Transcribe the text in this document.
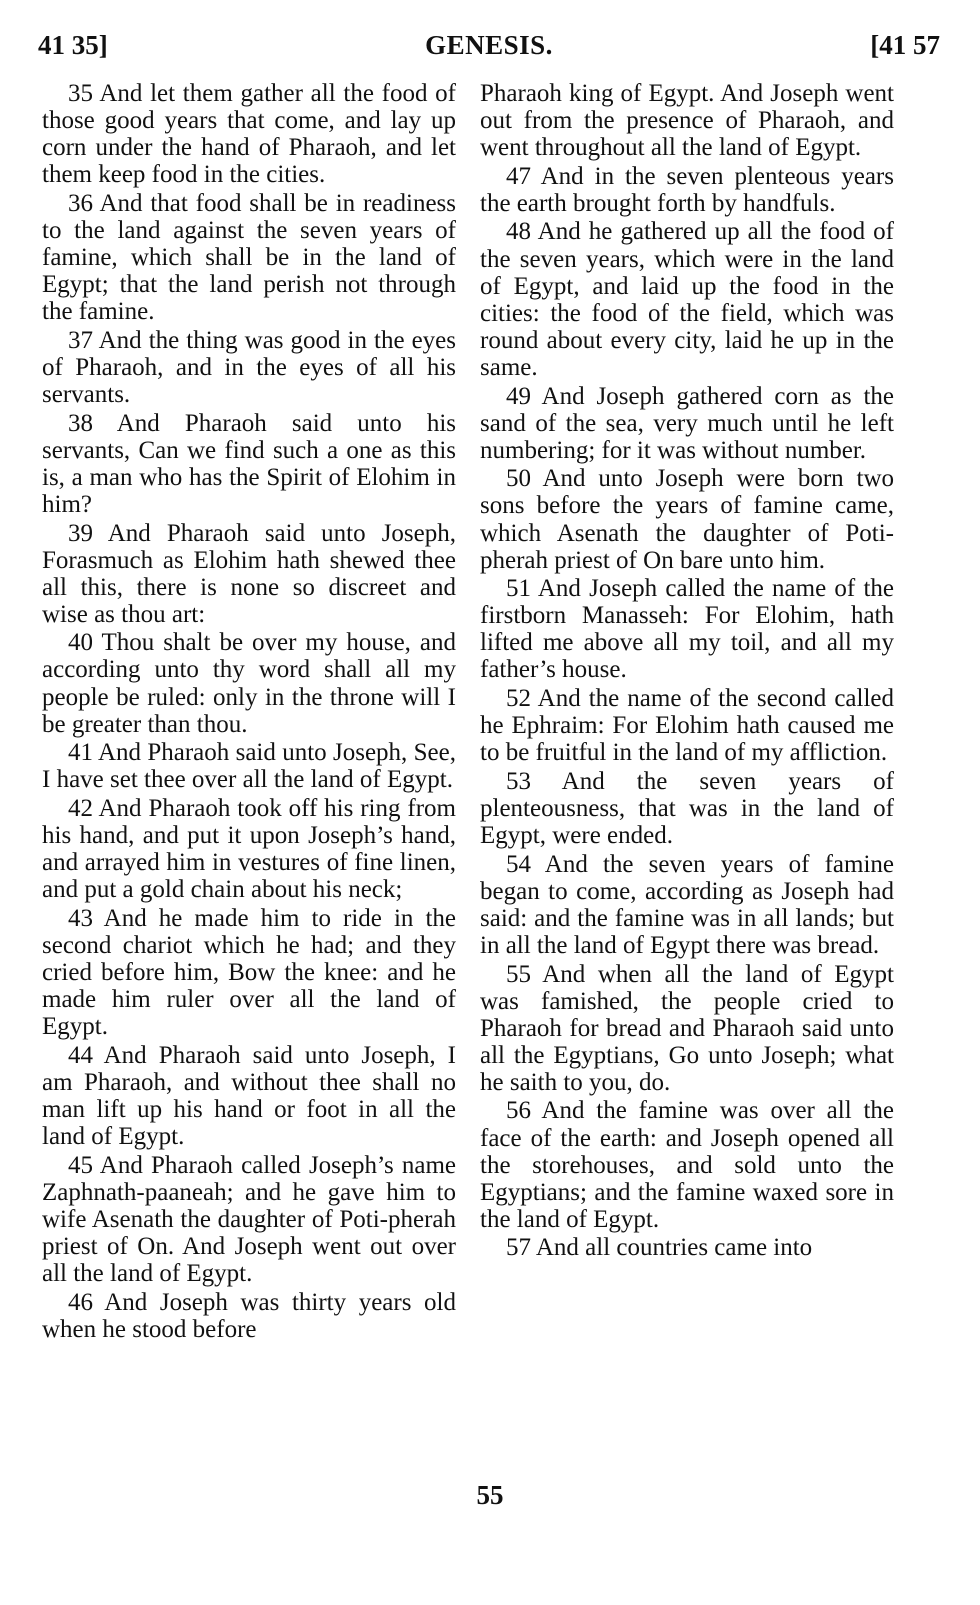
41 35]	GENESIS.	[41 57

35 And let them gather all the food of those good years that come, and lay up corn under the hand of Pharaoh, and let them keep food in the cities.

36 And that food shall be in readiness to the land against the seven years of famine, which shall be in the land of Egypt; that the land perish not through the famine.

37 And the thing was good in the eyes of Pharaoh, and in the eyes of all his servants.

38 And Pharaoh said unto his servants, Can we find such a one as this is, a man who has the Spirit of Elohim in him?

39 And Pharaoh said unto Joseph, Forasmuch as Elohim hath shewed thee all this, there is none so discreet and wise as thou art:

40 Thou shalt be over my house, and according unto thy word shall all my people be ruled: only in the throne will I be greater than thou.

41 And Pharaoh said unto Joseph, See, I have set thee over all the land of Egypt.

42 And Pharaoh took off his ring from his hand, and put it upon Joseph’s hand, and arrayed him in vestures of fine linen, and put a gold chain about his neck;

43 And he made him to ride in the second chariot which he had; and they cried before him, Bow the knee: and he made him ruler over all the land of Egypt.

44 And Pharaoh said unto Joseph, I am Pharaoh, and without thee shall no man lift up his hand or foot in all the land of Egypt.

45 And Pharaoh called Joseph’s name Zaphnath-paaneah; and he gave him to wife Asenath the daughter of Poti-pherah priest of On. And Joseph went out over all the land of Egypt.

46 And Joseph was thirty years old when he stood before

Pharaoh king of Egypt. And Joseph went out from the presence of Pharaoh, and went throughout all the land of Egypt.

47 And in the seven plenteous years the earth brought forth by handfuls.

48 And he gathered up all the food of the seven years, which were in the land of Egypt, and laid up the food in the cities: the food of the field, which was round about every city, laid he up in the same.

49 And Joseph gathered corn as the sand of the sea, very much until he left numbering; for it was without number.

50 And unto Joseph were born two sons before the years of famine came, which Asenath the daughter of Poti-pherah priest of On bare unto him.

51 And Joseph called the name of the firstborn Manasseh: For Elohim, hath lifted me above all my toil, and all my father’s house.

52 And the name of the second called he Ephraim: For Elohim hath caused me to be fruitful in the land of my affliction.

53 And the seven years of plenteousness, that was in the land of Egypt, were ended.

54 And the seven years of famine began to come, according as Joseph had said: and the famine was in all lands; but in all the land of Egypt there was bread.

55 And when all the land of Egypt was famished, the people cried to Pharaoh for bread and Pharaoh said unto all the Egyptians, Go unto Joseph; what he saith to you, do.

56 And the famine was over all the face of the earth: and Joseph opened all the storehouses, and sold unto the Egyptians; and the famine waxed sore in the land of Egypt.

57 And all countries came into

55
